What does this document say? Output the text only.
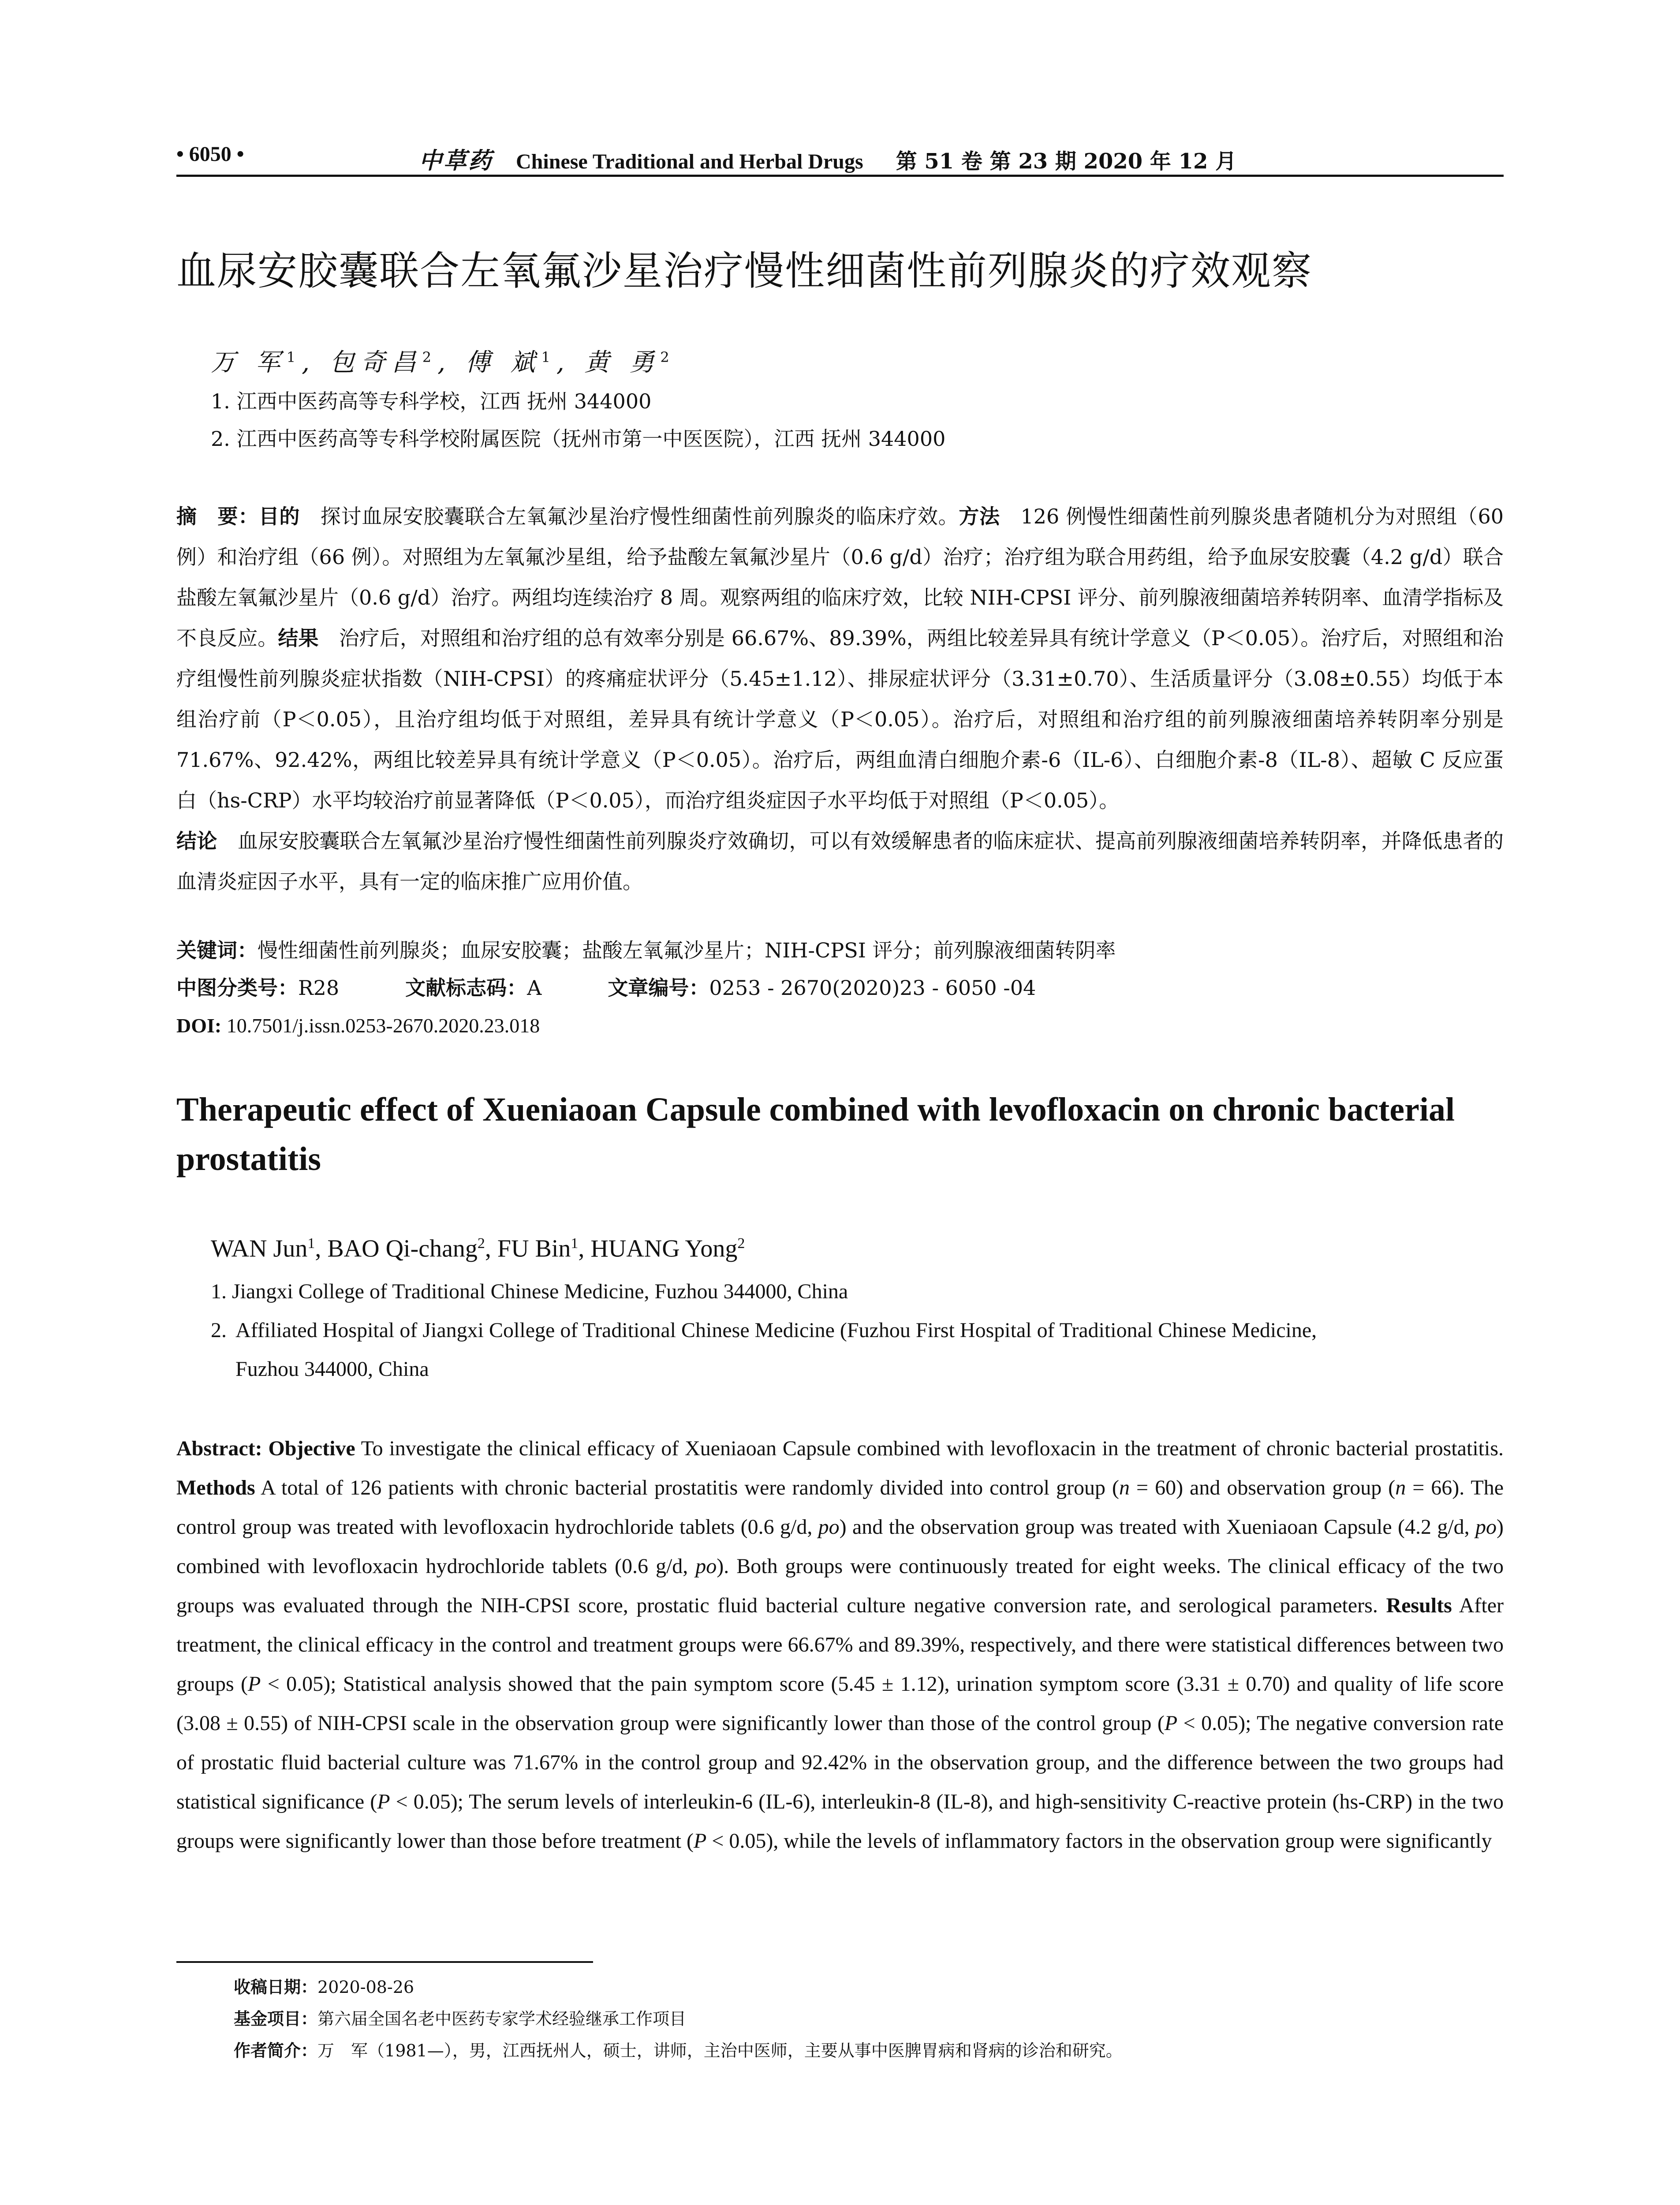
• 6050 •	中草药 Chinese Traditional and Herbal Drugs 第 51 卷 第 23 期 2020 年 12 月
血尿安胶囊联合左氧氟沙星治疗慢性细菌性前列腺炎的疗效观察
万 军$^1$, 包奇昌$^2$, 傅 斌$^1$, 黄 勇$^2$
1. 江西中医药高等专科学校，江西 抚州 344000
2. 江西中医药高等专科学校附属医院（抚州市第一中医医院），江西 抚州 344000
摘　要：目的　探讨血尿安胶囊联合左氧氟沙星治疗慢性细菌性前列腺炎的临床疗效。方法　126 例慢性细菌性前列腺炎患者随机分为对照组（60 例）和治疗组（66 例）。对照组为左氧氟沙星组，给予盐酸左氧氟沙星片（0.6 g/d）治疗；治疗组为联合用药组，给予血尿安胶囊（4.2 g/d）联合盐酸左氧氟沙星片（0.6 g/d）治疗。两组均连续治疗 8 周。观察两组的临床疗效，比较 NIH-CPSI 评分、前列腺液细菌培养转阴率、血清学指标及不良反应。结果　治疗后，对照组和治疗组的总有效率分别是 66.67%、89.39%，两组比较差异具有统计学意义（P＜0.05）。治疗后，对照组和治疗组慢性前列腺炎症状指数（NIH-CPSI）的疼痛症状评分（5.45±1.12）、排尿症状评分（3.31±0.70）、生活质量评分（3.08±0.55）均低于本组治疗前（P＜0.05），且治疗组均低于对照组，差异具有统计学意义（P＜0.05）。治疗后，对照组和治疗组的前列腺液细菌培养转阴率分别是 71.67%、92.42%，两组比较差异具有统计学意义（P＜0.05）。治疗后，两组血清白细胞介素-6（IL-6）、白细胞介素-8（IL-8）、超敏 C 反应蛋白（hs-CRP）水平均较治疗前显著降低（P＜0.05），而治疗组炎症因子水平均低于对照组（P＜0.05）。
结论　血尿安胶囊联合左氧氟沙星治疗慢性细菌性前列腺炎疗效确切，可以有效缓解患者的临床症状、提高前列腺液细菌培养转阴率，并降低患者的血清炎症因子水平，具有一定的临床推广应用价值。
关键词：慢性细菌性前列腺炎；血尿安胶囊；盐酸左氧氟沙星片；NIH-CPSI 评分；前列腺液细菌转阴率
中图分类号：R28	文献标志码：A	文章编号：0253 - 2670(2020)23 - 6050 -04
DOI: 10.7501/j.issn.0253-2670.2020.23.018
Therapeutic effect of Xueniaoan Capsule combined with levofloxacin on chronic bacterial prostatitis
WAN Jun$^1$, BAO Qi-chang$^2$, FU Bin$^1$, HUANG Yong$^2$
1. Jiangxi College of Traditional Chinese Medicine, Fuzhou 344000, China
2. Affiliated Hospital of Jiangxi College of Traditional Chinese Medicine (Fuzhou First Hospital of Traditional Chinese Medicine,
Fuzhou 344000, China
Abstract: Objective To investigate the clinical efficacy of Xueniaoan Capsule combined with levofloxacin in the treatment of chronic bacterial prostatitis. Methods A total of 126 patients with chronic bacterial prostatitis were randomly divided into control group (n = 60) and observation group (n = 66). The control group was treated with levofloxacin hydrochloride tablets (0.6 g/d, po) and the observation group was treated with Xueniaoan Capsule (4.2 g/d, po) combined with levofloxacin hydrochloride tablets (0.6 g/d, po). Both groups were continuously treated for eight weeks. The clinical efficacy of the two groups was evaluated through the NIH-CPSI score, prostatic fluid bacterial culture negative conversion rate, and serological parameters. Results After treatment, the clinical efficacy in the control and treatment groups were 66.67% and 89.39%, respectively, and there were statistical differences between two groups (P < 0.05); Statistical analysis showed that the pain symptom score (5.45 ± 1.12), urination symptom score (3.31 ± 0.70) and quality of life score (3.08 ± 0.55) of NIH-CPSI scale in the observation group were significantly lower than those of the control group (P < 0.05); The negative conversion rate of prostatic fluid bacterial culture was 71.67% in the control group and 92.42% in the observation group, and the difference between the two groups had statistical significance (P < 0.05); The serum levels of interleukin-6 (IL-6), interleukin-8 (IL-8), and high-sensitivity C-reactive protein (hs-CRP) in the two groups were significantly lower than those before treatment (P < 0.05), while the levels of inflammatory factors in the observation group were significantly
收稿日期：2020-08-26
基金项目：第六届全国名老中医药专家学术经验继承工作项目
作者简介：万　军（1981—），男，江西抚州人，硕士，讲师，主治中医师，主要从事中医脾胃病和肾病的诊治和研究。
